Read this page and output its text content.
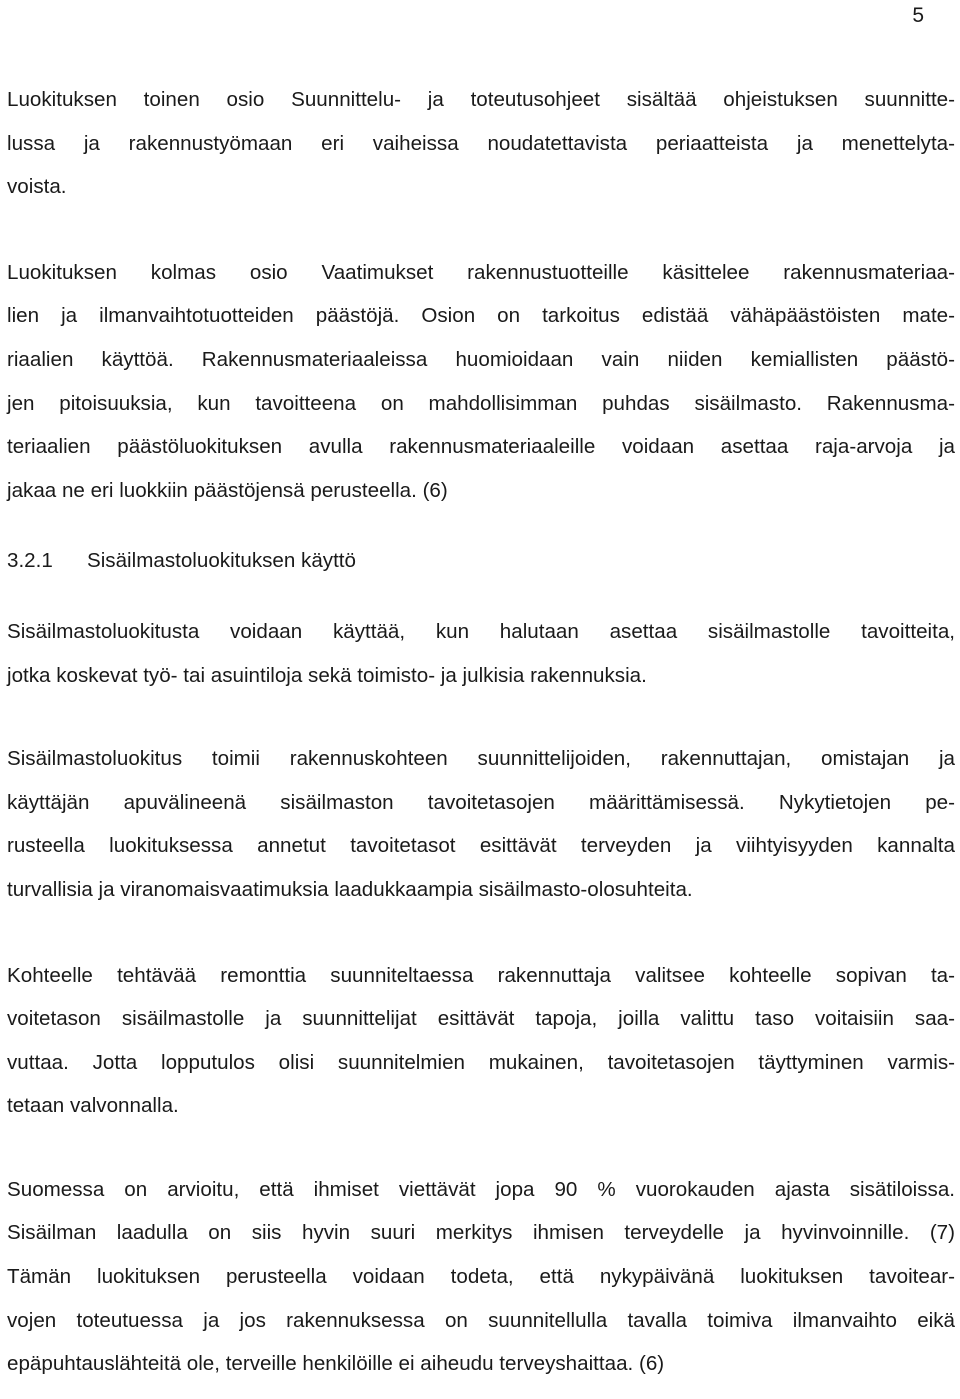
5

Luokituksen toinen osio Suunnittelu- ja toteutusohjeet sisältää ohjeistuksen suunnitte-
lussa ja rakennustyömaan eri vaiheissa noudatettavista periaatteista ja menettelyta-
voista.

Luokituksen kolmas osio Vaatimukset rakennustuotteille käsittelee rakennusmateriaa-
lien ja ilmanvaihtotuotteiden päästöjä. Osion on tarkoitus edistää vähäpäästöisten mate-
riaalien käyttöä. Rakennusmateriaaleissa huomioidaan vain niiden kemiallisten päästö-
jen pitoisuuksia, kun tavoitteena on mahdollisimman puhdas sisäilmasto. Rakennusma-
teriaalien päästöluokituksen avulla rakennusmateriaaleille voidaan asettaa raja-arvoja ja
jakaa ne eri luokkiin päästöjensä perusteella. (6)

3.2.1	Sisäilmastoluokituksen käyttö

Sisäilmastoluokitusta voidaan käyttää, kun halutaan asettaa sisäilmastolle tavoitteita,
jotka koskevat työ- tai asuintiloja sekä toimisto- ja julkisia rakennuksia.

Sisäilmastoluokitus toimii rakennuskohteen suunnittelijoiden, rakennuttajan, omistajan ja
käyttäjän apuvälineenä sisäilmaston tavoitetasojen määrittämisessä. Nykytietojen pe-
rusteella luokituksessa annetut tavoitetasot esittävät terveyden ja viihtyisyyden kannalta
turvallisia ja viranomaisvaatimuksia laadukkaampia sisäilmasto-olosuhteita.

Kohteelle tehtävää remonttia suunniteltaessa rakennuttaja valitsee kohteelle sopivan ta-
voitetason sisäilmastolle ja suunnittelijat esittävät tapoja, joilla valittu taso voitaisiin saa-
vuttaa. Jotta lopputulos olisi suunnitelmien mukainen, tavoitetasojen täyttyminen varmis-
tetaan valvonnalla.

Suomessa on arvioitu, että ihmiset viettävät jopa 90 % vuorokauden ajasta sisätiloissa.
Sisäilman laadulla on siis hyvin suuri merkitys ihmisen terveydelle ja hyvinvoinnille. (7)
Tämän luokituksen perusteella voidaan todeta, että nykypäivänä luokituksen tavoitear-
vojen toteutuessa ja jos rakennuksessa on suunnitellulla tavalla toimiva ilmanvaihto eikä
epäpuhtauslähteitä ole, terveille henkilöille ei aiheudu terveyshaittaa. (6)
